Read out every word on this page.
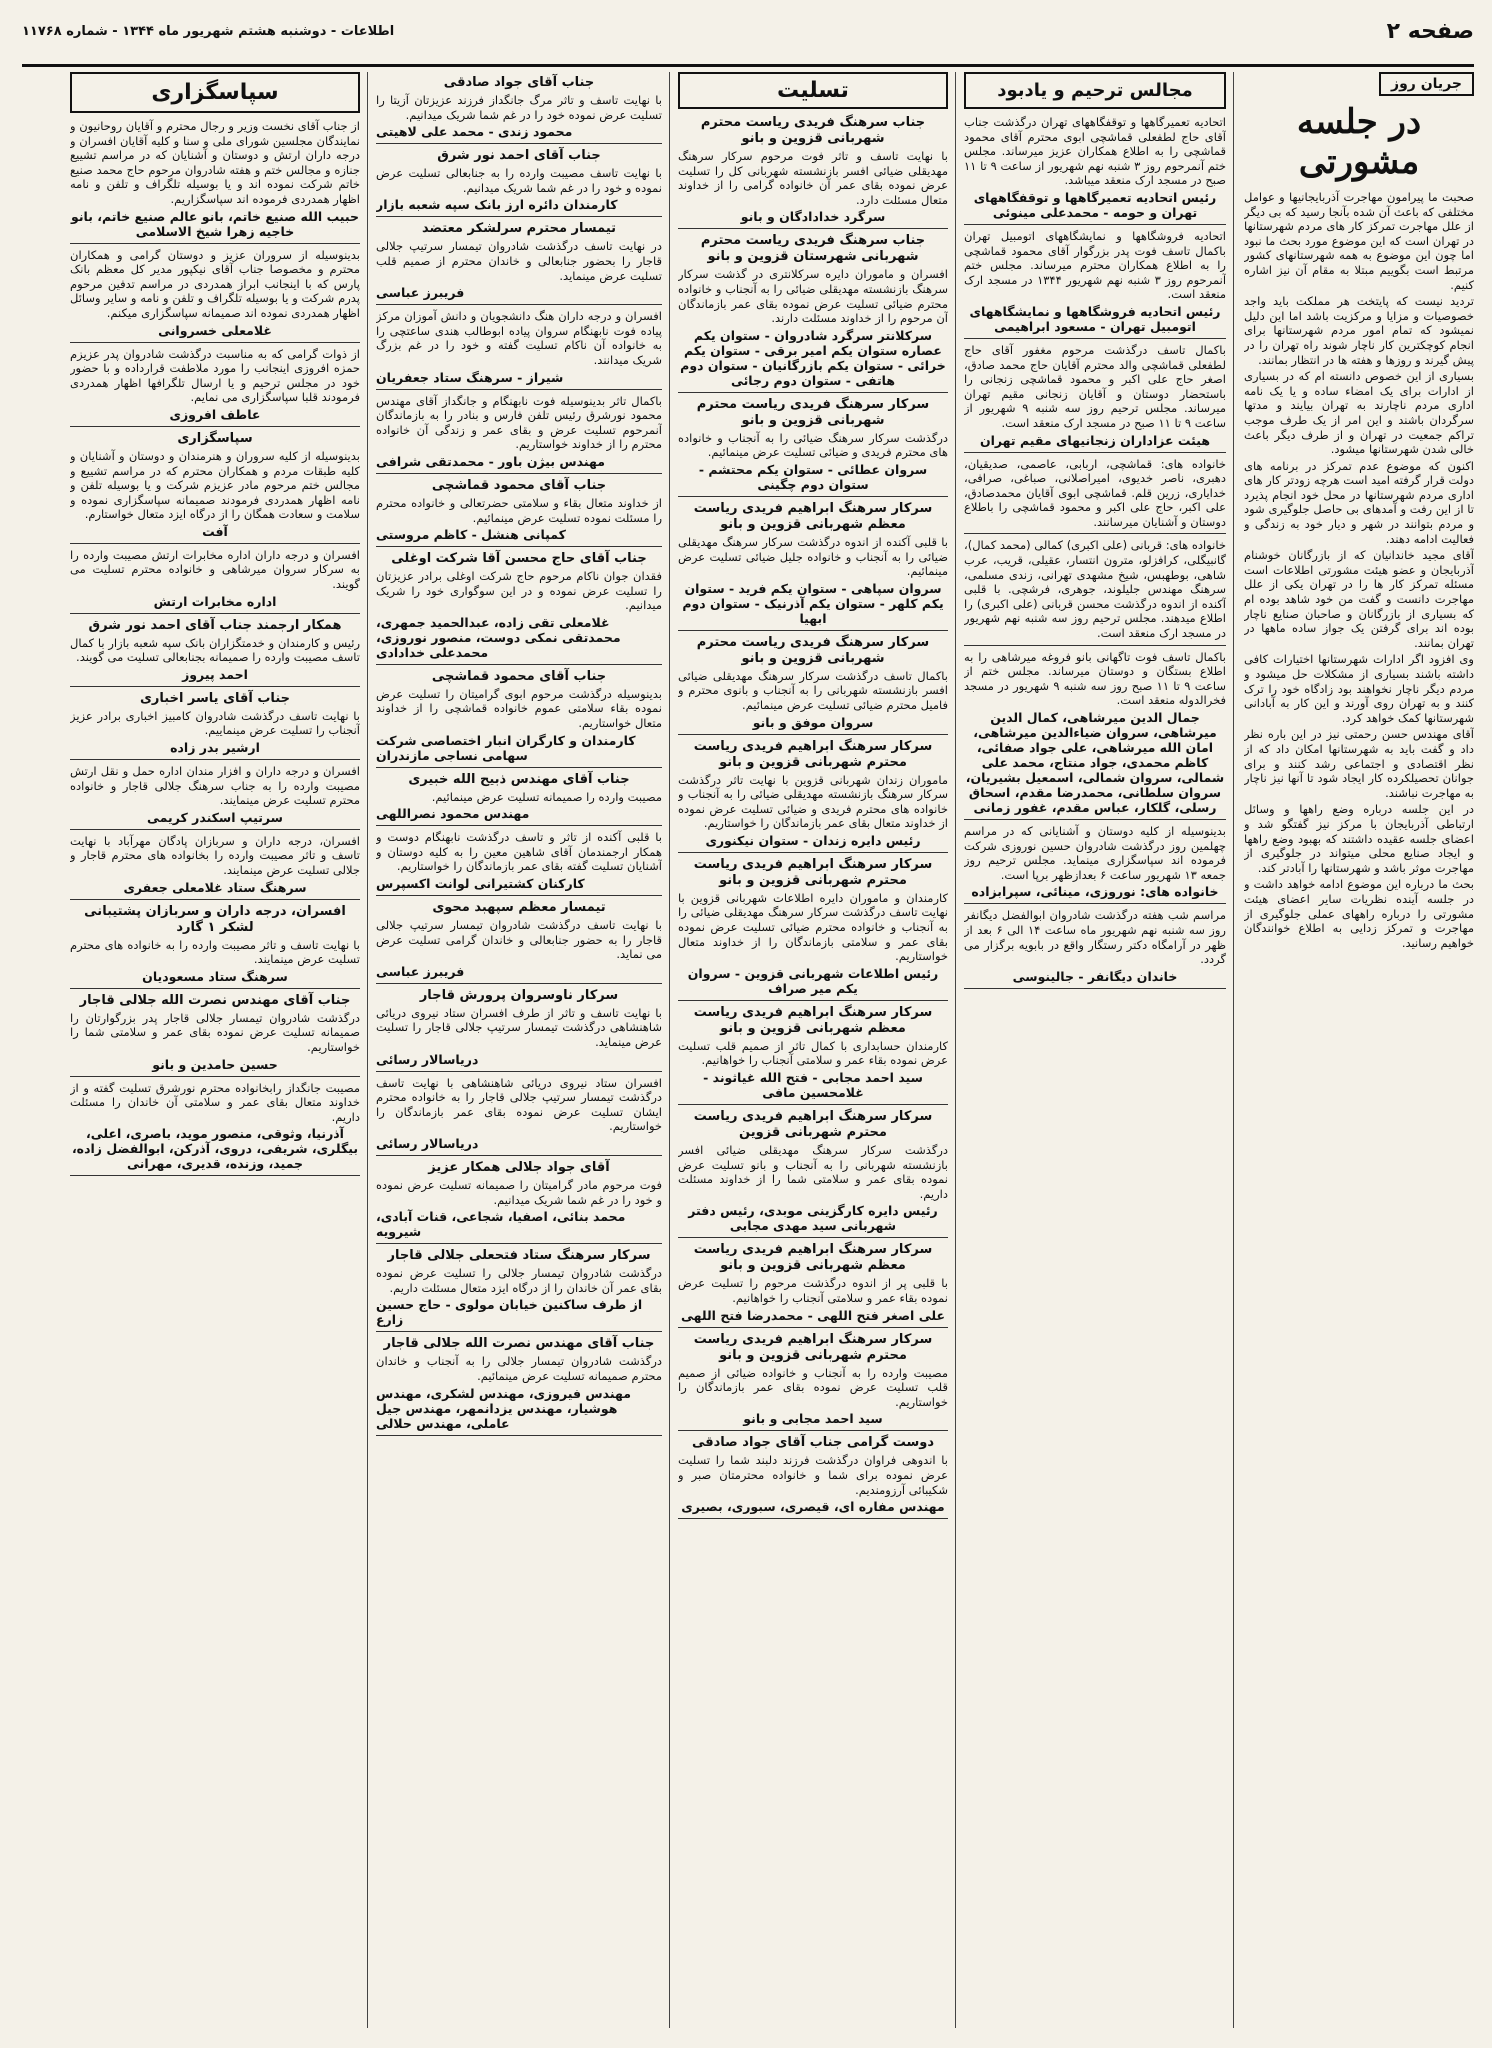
صفحه ۲
اطلاعات - دوشنبه هشتم شهریور ماه ۱۳۴۴ - شماره ۱۱۷۶۸
جریان روز
در جلسه مشورتی

صحبت ما پیرامون مهاجرت آذربایجانیها و عوامل مختلفی که باعث آن شده بآنجا رسید که بی دیگر از علل مهاجرت تمرکز کار های مردم شهرستانها در تهران است که این موضوع مورد بحث ما نبود اما چون این موضوع به همه شهرستانهای کشور مرتبط است بگوییم مبتلا به مقام آن نیز اشاره کنیم.

تردید نیست که پایتخت هر مملکت باید واجد خصوصیات و مزایا و مرکزیت باشد اما این دلیل نمیشود که تمام امور مردم شهرستانها برای انجام کوچکترین کار ناچار شوند راه تهران را در پیش گیرند و روزها و هفته ها در انتظار بمانند.

بسیاری از این خصوص دانسته ام که در بسیاری از ادارات برای یک امضاء ساده و یا یک نامه اداری مردم ناچارند به تهران بیایند و مدتها سرگردان باشند و این امر از یک طرف موجب تراکم جمعیت در تهران و از طرف دیگر باعث خالی شدن شهرستانها میشود.

اکنون که موضوع عدم تمرکز در برنامه های دولت قرار گرفته امید است هرچه زودتر کار های اداری مردم شهرستانها در محل خود انجام پذیرد تا از این رفت و آمدهای بی حاصل جلوگیری شود و مردم بتوانند در شهر و دیار خود به زندگی و فعالیت ادامه دهند.

آقای مجید خاندانیان که از بازرگانان خوشنام آذربایجان و عضو هیئت مشورتی اطلاعات است مسئله تمرکز کار ها را در تهران یکی از علل مهاجرت دانست و گفت من خود شاهد بوده ام که بسیاری از بازرگانان و صاحبان صنایع ناچار بوده اند برای گرفتن یک جواز ساده ماهها در تهران بمانند.

وی افزود اگر ادارات شهرستانها اختیارات کافی داشته باشند بسیاری از مشکلات حل میشود و مردم دیگر ناچار نخواهند بود زادگاه خود را ترک کنند و به تهران روی آورند و این کار به آبادانی شهرستانها کمک خواهد کرد.

آقای مهندس حسن رحمتی نیز در این باره نظر داد و گفت باید به شهرستانها امکان داد که از نظر اقتصادی و اجتماعی رشد کنند و برای جوانان تحصیلکرده کار ایجاد شود تا آنها نیز ناچار به مهاجرت نباشند.

در این جلسه درباره وضع راهها و وسائل ارتباطی آذربایجان با مرکز نیز گفتگو شد و اعضای جلسه عقیده داشتند که بهبود وضع راهها و ایجاد صنایع محلی میتواند در جلوگیری از مهاجرت موثر باشد و شهرستانها را آبادتر کند.

بحث ما درباره این موضوع ادامه خواهد داشت و در جلسه آینده نظریات سایر اعضای هیئت مشورتی را درباره راههای عملی جلوگیری از مهاجرت و تمرکز زدایی به اطلاع خوانندگان خواهیم رسانید.

مجالس ترحیم و یادبود

اتحادیه تعمیرگاهها و توقفگاههای تهران درگذشت جناب آقای حاج لطفعلی قماشچی ابوی محترم آقای محمود قماشچی را به اطلاع همکاران عزیز میرساند. مجلس ختم آنمرحوم روز ۳ شنبه نهم شهریور از ساعت ۹ تا ۱۱ صبح در مسجد ارک منعقد میباشد.

رئیس اتحادیه تعمیرگاهها و توقفگاههای تهران و حومه - محمدعلی مینوئی

اتحادیه فروشگاهها و نمایشگاههای اتومبیل تهران باکمال تاسف فوت پدر بزرگوار آقای محمود قماشچی را به اطلاع همکاران محترم میرساند. مجلس ختم آنمرحوم روز ۳ شنبه نهم شهریور ۱۳۴۴ در مسجد ارک منعقد است.

رئیس اتحادیه فروشگاهها و نمایشگاههای اتومبیل تهران - مسعود ابراهیمی

باکمال تاسف درگذشت مرحوم مغفور آقای حاج لطفعلی قماشچی والد محترم آقایان حاج محمد صادق، اصغر حاج علی اکبر و محمود قماشچی زنجانی را باستحضار دوستان و آقایان زنجانی مقیم تهران میرساند. مجلس ترحیم روز سه شنبه ۹ شهریور از ساعت ۹ تا ۱۱ صبح در مسجد ارک منعقد است.

هیئت عزاداران زنجانیهای مقیم تهران

خانواده های: قماشچی، اربابی، عاصمی، صدیقیان، دهبری، ناصر خدیوی، امیراصلانی، صباغی، صرافی، خدایاری، زرین قلم. قماشچی ابوی آقایان محمدصادق، علی اکبر، حاج علی اکبر و محمود قماشچی را باطلاع دوستان و آشنایان میرسانند.

خانواده های: قربانی (علی اکبری) کمالی (محمد کمال)، گانبیگلی، کرافزلو، مترون انتسار، عقیلی، قریب، عرب شاهی، بوطهبس، شیخ مشهدی تهرانی، زندی مسلمی، سرهنگ مهندس جلیلوند، جوهری، فرشچی. با قلبی آکنده از اندوه درگذشت محسن قربانی (علی اکبری) را اطلاع میدهند. مجلس ترحیم روز سه شنبه نهم شهریور در مسجد ارک منعقد است.

باکمال تاسف فوت تاگهانی بانو فروغه میرشاهی را به اطلاع بستگان و دوستان میرساند. مجلس ختم از ساعت ۹ تا ۱۱ صبح روز سه شنبه ۹ شهریور در مسجد فخرالدوله منعقد است.

جمال الدین میرشاهی، کمال الدین میرشاهی، سروان ضیاءالدین میرشاهی، امان الله میرشاهی، علی جواد صفائی، کاظم محمدی، جواد منتاج، محمد علی شمالی، سروان شمالی، اسمعیل بشیریان، سروان سلطانی، محمدرضا مقدم، اسحاق رسلی، گلکار، عباس مقدم، غفور زمانی

بدینوسیله از کلیه دوستان و آشنایانی که در مراسم چهلمین روز درگذشت شادروان حسین نوروزی شرکت فرموده اند سپاسگزاری مینماید. مجلس ترحیم روز جمعه ۱۳ شهریور ساعت ۶ بعدازظهر برپا است.

خانواده های: نوروزی، مینائی، سپرابزاده

مراسم شب هفته درگذشت شادروان ابوالفضل دیگانفر روز سه شنبه نهم شهریور ماه ساعت ۱۴ الی ۶ بعد از ظهر در آرامگاه دکتر رستگار واقع در بابویه برگزار می گردد.

خاندان دیگانفر - جالینوسی
تسلیت
جناب سرهنگ فریدی ریاست محترم شهربانی قزوین و بانو

با نهایت تاسف و تاثر فوت مرحوم سرکار سرهنگ مهدیقلی ضیائی افسر بازنشسته شهربانی کل را تسلیت عرض نموده بقای عمر آن خانواده گرامی را از خداوند متعال مسئلت دارد.

سرگرد خدادادگان و بانو
جناب سرهنگ فریدی ریاست محترم شهربانی شهرستان قزوین و بانو

افسران و ماموران دایره سرکلانتری در گذشت سرکار سرهنگ بازنشسته مهدیقلی ضیائی را به آنجناب و خانواده محترم ضیائی تسلیت عرض نموده بقای عمر بازماندگان آن مرحوم را از خداوند مسئلت دارند.

سرکلانتر سرگرد شادروان - ستوان یکم عصاره ستوان یکم امیر برقی - ستوان یکم خرائی - ستوان یکم بازرگانیان - ستوان دوم هاتفی - ستوان دوم رجائی
سرکار سرهنگ فریدی ریاست محترم شهربانی قزوین و بانو

درگذشت سرکار سرهنگ ضیائی را به آنجناب و خانواده های محترم فریدی و ضیائی تسلیت عرض مینمائیم.

سروان عطائی - ستوان یکم محتشم - ستوان دوم چگینی
سرکار سرهنگ ابراهیم فریدی ریاست معظم شهربانی قزوین و بانو

با قلبی آکنده از اندوه درگذشت سرکار سرهنگ مهدیقلی ضیائی را به آنجناب و خانواده جلیل ضیائی تسلیت عرض مینمائیم.

سروان سپاهی - ستوان یکم فرید - ستوان یکم کلهر - ستوان یکم آذرنیک - ستوان دوم ابهیا
سرکار سرهنگ فریدی ریاست محترم شهربانی قزوین و بانو

باکمال تاسف درگذشت سرکار سرهنگ مهدیقلی ضیائی افسر بازنشسته شهربانی را به آنجناب و بانوی محترم و فامیل محترم ضیائی تسلیت عرض مینمائیم.

سروان موفق و بانو
سرکار سرهنگ ابراهیم فریدی ریاست محترم شهربانی قزوین و بانو

ماموران زندان شهربانی قزوین با نهایت تاثر درگذشت سرکار سرهنگ بازنشسته مهدیقلی ضیائی را به آنجناب و خانواده های محترم فریدی و ضیائی تسلیت عرض نموده از خداوند متعال بقای عمر بازماندگان را خواستاریم.

رئیس دایره زندان - ستوان نیکنوری
سرکار سرهنگ ابراهیم فریدی ریاست محترم شهربانی قزوین و بانو

کارمندان و ماموران دایره اطلاعات شهربانی قزوین با نهایت تاسف درگذشت سرکار سرهنگ مهدیقلی ضیائی را به آنجناب و خانواده محترم ضیائی تسلیت عرض نموده بقای عمر و سلامتی بازماندگان را از خداوند متعال خواستاریم.

رئیس اطلاعات شهربانی قزوین - سروان یکم میر صراف
سرکار سرهنگ ابراهیم فریدی ریاست معظم شهربانی قزوین و بانو

کارمندان حسابداری با کمال تاثر از صمیم قلب تسلیت عرض نموده بقاء عمر و سلامتی آنجناب را خواهانیم.

سید احمد مجابی - فتح الله غیاثوند - غلامحسین مافی
سرکار سرهنگ ابراهیم فریدی ریاست محترم شهربانی قزوین

درگذشت سرکار سرهنگ مهدیقلی ضیائی افسر بازنشسته شهربانی را به آنجناب و بانو تسلیت عرض نموده بقای عمر و سلامتی شما را از خداوند مسئلت داریم.

رئیس دایره کارگزینی موبدی، رئیس دفتر شهربانی سید مهدی مجابی
سرکار سرهنگ ابراهیم فریدی ریاست معظم شهربانی قزوین و بانو

با قلبی پر از اندوه درگذشت مرحوم را تسلیت عرض نموده بقاء عمر و سلامتی آنجناب را خواهانیم.

علی اصغر فتح اللهی - محمدرضا فتح اللهی
سرکار سرهنگ ابراهیم فریدی ریاست محترم شهربانی قزوین و بانو

مصیبت وارده را به آنجناب و خانواده ضیائی از صمیم قلب تسلیت عرض نموده بقای عمر بازماندگان را خواستاریم.

سید احمد مجابی و بانو
دوست گرامی جناب آقای جواد صادقی

با اندوهی فراوان درگذشت فرزند دلبند شما را تسلیت عرض نموده برای شما و خانواده محترمتان صبر و شکیبائی آرزومندیم.

مهندس مفاره ای، قیصری، سبوری، بصیری
جناب آقای جواد صادقی

با نهایت تاسف و تاثر مرگ جانگداز فرزند عزیزتان آزیتا را تسلیت عرض نموده خود را در غم شما شریک میدانیم.

محمود زندی - محمد علی لاهیتی
جناب آقای احمد نور شرق

با نهایت تاسف مصیبت وارده را به جنابعالی تسلیت عرض نموده و خود را در غم شما شریک میدانیم.

کارمندان دائره ارز بانک سپه شعبه بازار
تیمسار محترم سرلشکر معتضد

در نهایت تاسف درگذشت شادروان تیمسار سرتیپ جلالی قاجار را بحضور جنابعالی و خاندان محترم از صمیم قلب تسلیت عرض مینماید.

فریبرز عباسی

افسران و درجه داران هنگ دانشجویان و دانش آموزان مرکز پیاده فوت نابهنگام سروان پیاده ابوطالب هندی ساعتچی را به خانواده آن ناکام تسلیت گفته و خود را در غم بزرگ شریک میدانند.

شیراز - سرهنگ ستاد جعفریان

باکمال تاثر بدینوسیله فوت نابهنگام و جانگداز آقای مهندس محمود نورشرق رئیس تلفن فارس و بنادر را به بازماندگان آنمرحوم تسلیت عرض و بقای عمر و زندگی آن خانواده محترم را از خداوند خواستاریم.

مهندس بیژن باور - محمدتقی شرافی
جناب آقای محمود قماشچی

از خداوند متعال بقاء و سلامتی حضرتعالی و خانواده محترم را مسئلت نموده تسلیت عرض مینمائیم.

کمپانی هنشل - کاظم مروستی
جناب آقای حاج محسن آقا شرکت اوغلی

فقدان جوان ناکام مرحوم حاج شرکت اوغلی برادر عزیزتان را تسلیت عرض نموده و در این سوگواری خود را شریک میدانیم.

غلامعلی تقی زاده، عبدالحمید جمهری، محمدتقی نمکی دوست، منصور نوروزی، محمدعلی خدادادی
جناب آقای محمود قماشچی

بدینوسیله درگذشت مرحوم ابوی گرامیتان را تسلیت عرض نموده بقاء سلامتی عموم خانواده قماشچی را از خداوند متعال خواستاریم.

کارمندان و کارگران انبار اختصاصی شرکت سهامی نساجی مازندران
جناب آقای مهندس ذبیح الله خبیری

مصیبت وارده را صمیمانه تسلیت عرض مینمائیم.

مهندس محمود نصراللهی

با قلبی آکنده از تاثر و تاسف درگذشت نابهنگام دوست و همکار ارجمندمان آقای شاهین معین را به کلیه دوستان و آشنایان تسلیت گفته بقای عمر بازماندگان را خواستاریم.

کارکنان کشتیرانی لوانت اکسپرس
تیمسار معظم سپهبد محوی

با نهایت تاسف درگذشت شادروان تیمسار سرتیپ جلالی قاجار را به حضور جنابعالی و خاندان گرامی تسلیت عرض می نماید.

فریبرز عباسی
سرکار ناوسروان پرورش قاجار

با نهایت تاسف و تاثر از طرف افسران ستاد نیروی دریائی شاهنشاهی درگذشت تیمسار سرتیپ جلالی قاجار را تسلیت عرض مینماید.

دریاسالار رسائی

افسران ستاد نیروی دریائی شاهنشاهی با نهایت تاسف درگذشت تیمسار سرتیپ جلالی قاجار را به خانواده محترم ایشان تسلیت عرض نموده بقای عمر بازماندگان را خواستاریم.

دریاسالار رسائی
آقای جواد جلالی همکار عزیز

فوت مرحوم مادر گرامیتان را صمیمانه تسلیت عرض نموده و خود را در غم شما شریک میدانیم.

محمد بنائی، اصفیا، شجاعی، قنات آبادی، شیرویه
سرکار سرهنگ ستاد فتحعلی جلالی قاجار

درگذشت شادروان تیمسار جلالی را تسلیت عرض نموده بقای عمر آن خاندان را از درگاه ایزد متعال مسئلت داریم.

از طرف ساکنین خیابان مولوی - حاج حسین زارع
جناب آقای مهندس نصرت الله جلالی قاجار

درگذشت شادروان تیمسار جلالی را به آنجناب و خاندان محترم صمیمانه تسلیت عرض مینمائیم.

مهندس فیروزی، مهندس لشکری، مهندس هوشیار، مهندس یزدانمهر، مهندس جیل عاملی، مهندس حلالی
سپاسگزاری

از جناب آقای نخست وزیر و رجال محترم و آقایان روحانیون و نمایندگان مجلسین شورای ملی و سنا و کلیه آقایان افسران و درجه داران ارتش و دوستان و آشنایان که در مراسم تشییع جنازه و مجالس ختم و هفته شادروان مرحوم حاج محمد صنیع خاتم شرکت نموده اند و یا بوسیله تلگراف و تلفن و نامه اظهار همدردی فرموده اند سپاسگزاریم.

حبیب الله صنیع خاتم، بانو عالم صنیع خاتم، بانو خاجیه زهرا شیخ الاسلامی

بدینوسیله از سروران عزیز و دوستان گرامی و همکاران محترم و مخصوصا جناب آقای نیکپور مدیر کل معظم بانک پارس که با اینجانب ابراز همدردی در مراسم تدفین مرحوم پدرم شرکت و یا بوسیله تلگراف و تلفن و نامه و سایر وسائل اظهار همدردی نموده اند صمیمانه سپاسگزاری میکنم.

غلامعلی خسروانی

از ذوات گرامی که به مناسبت درگذشت شادروان پدر عزیزم حمزه افروزی اینجانب را مورد ملاطفت قرارداده و با حضور خود در مجلس ترحیم و یا ارسال تلگرافها اظهار همدردی فرمودند قلبا سپاسگزاری می نمایم.

عاطف افروزی
سپاسگزاری

بدینوسیله از کلیه سروران و هنرمندان و دوستان و آشنایان و کلیه طبقات مردم و همکاران محترم که در مراسم تشییع و مجالس ختم مرحوم مادر عزیزم شرکت و یا بوسیله تلفن و نامه اظهار همدردی فرمودند صمیمانه سپاسگزاری نموده و سلامت و سعادت همگان را از درگاه ایزد متعال خواستارم.

آفت

افسران و درجه داران اداره مخابرات ارتش مصیبت وارده را به سرکار سروان میرشاهی و خانواده محترم تسلیت می گویند.

اداره مخابرات ارتش
همکار ارجمند جناب آقای احمد نور شرق

رئیس و کارمندان و خدمتگزاران بانک سپه شعبه بازار با کمال تاسف مصیبت وارده را صمیمانه بجنابعالی تسلیت می گویند.

احمد پیروز
جناب آقای یاسر اخباری

با نهایت تاسف درگذشت شادروان کامبیز اخباری برادر عزیز آنجناب را تسلیت عرض مینماییم.

ارشیر بدر زاده

افسران و درجه داران و افزار مندان اداره حمل و نقل ارتش مصیبت وارده را به جناب سرهنگ جلالی قاجار و خانواده محترم تسلیت عرض مینمایند.

سرتیپ اسکندر کریمی

افسران، درجه داران و سربازان پادگان مهرآباد با نهایت تاسف و تاثر مصیبت وارده را بخانواده های محترم قاجار و جلالی تسلیت عرض مینمایند.

سرهنگ ستاد غلامعلی جعفری
افسران، درجه داران و سربازان پشتیبانی لشکر ۱ گارد

با نهایت تاسف و تاثر مصیبت وارده را به خانواده های محترم تسلیت عرض مینمایند.

سرهنگ ستاد مسعودیان
جناب آقای مهندس نصرت الله جلالی قاجار

درگذشت شادروان تیمسار جلالی قاجار پدر بزرگوارتان را صمیمانه تسلیت عرض نموده بقای عمر و سلامتی شما را خواستاریم.

حسین حامدین و بانو

مصیبت جانگداز رابخانواده محترم نورشرق تسلیت گفته و از خداوند متعال بقای عمر و سلامتی آن خاندان را مسئلت داریم.

آذرنیا، وثوقی، منصور موید، باصری، اعلی، بیگلری، شریفی، دروی، آذرکن، ابوالفضل زاده، جمید، وزنده، قدیری، مهرانی
